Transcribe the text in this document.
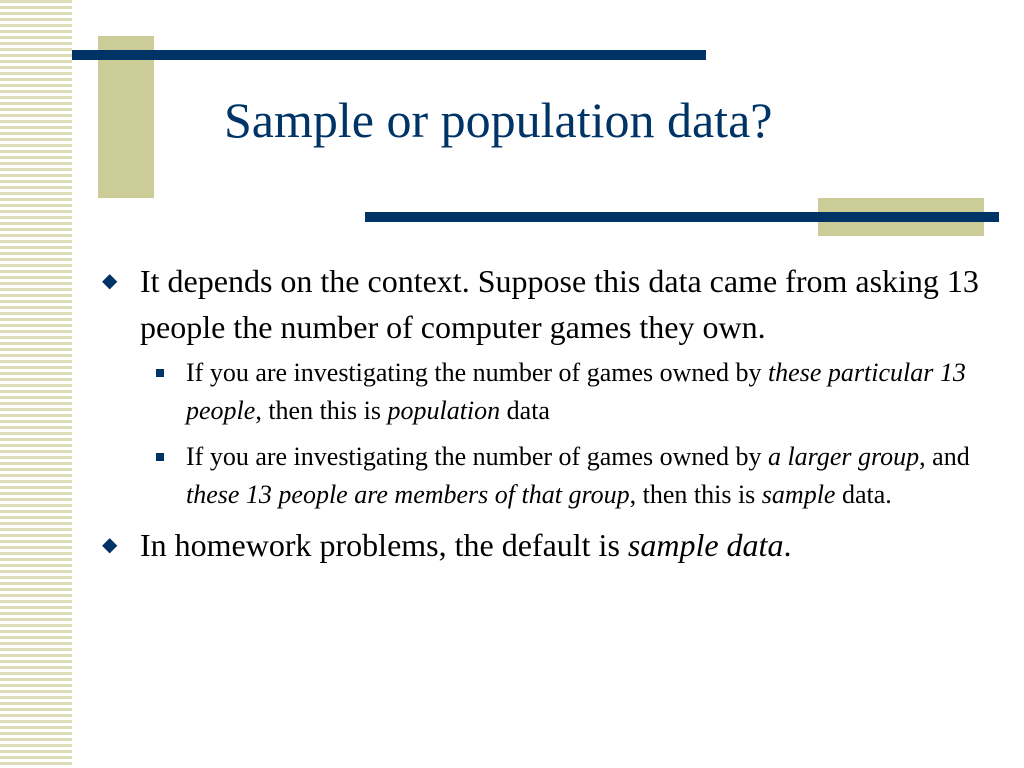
Sample or population data?

◆ It depends on the context. Suppose this data came from asking 13 people the number of computer games they own.

If you are investigating the number of games owned by these particular 13 people, then this is population data

If you are investigating the number of games owned by a larger group, and these 13 people are members of that group, then this is sample data.

◆ In homework problems, the default is sample data.
